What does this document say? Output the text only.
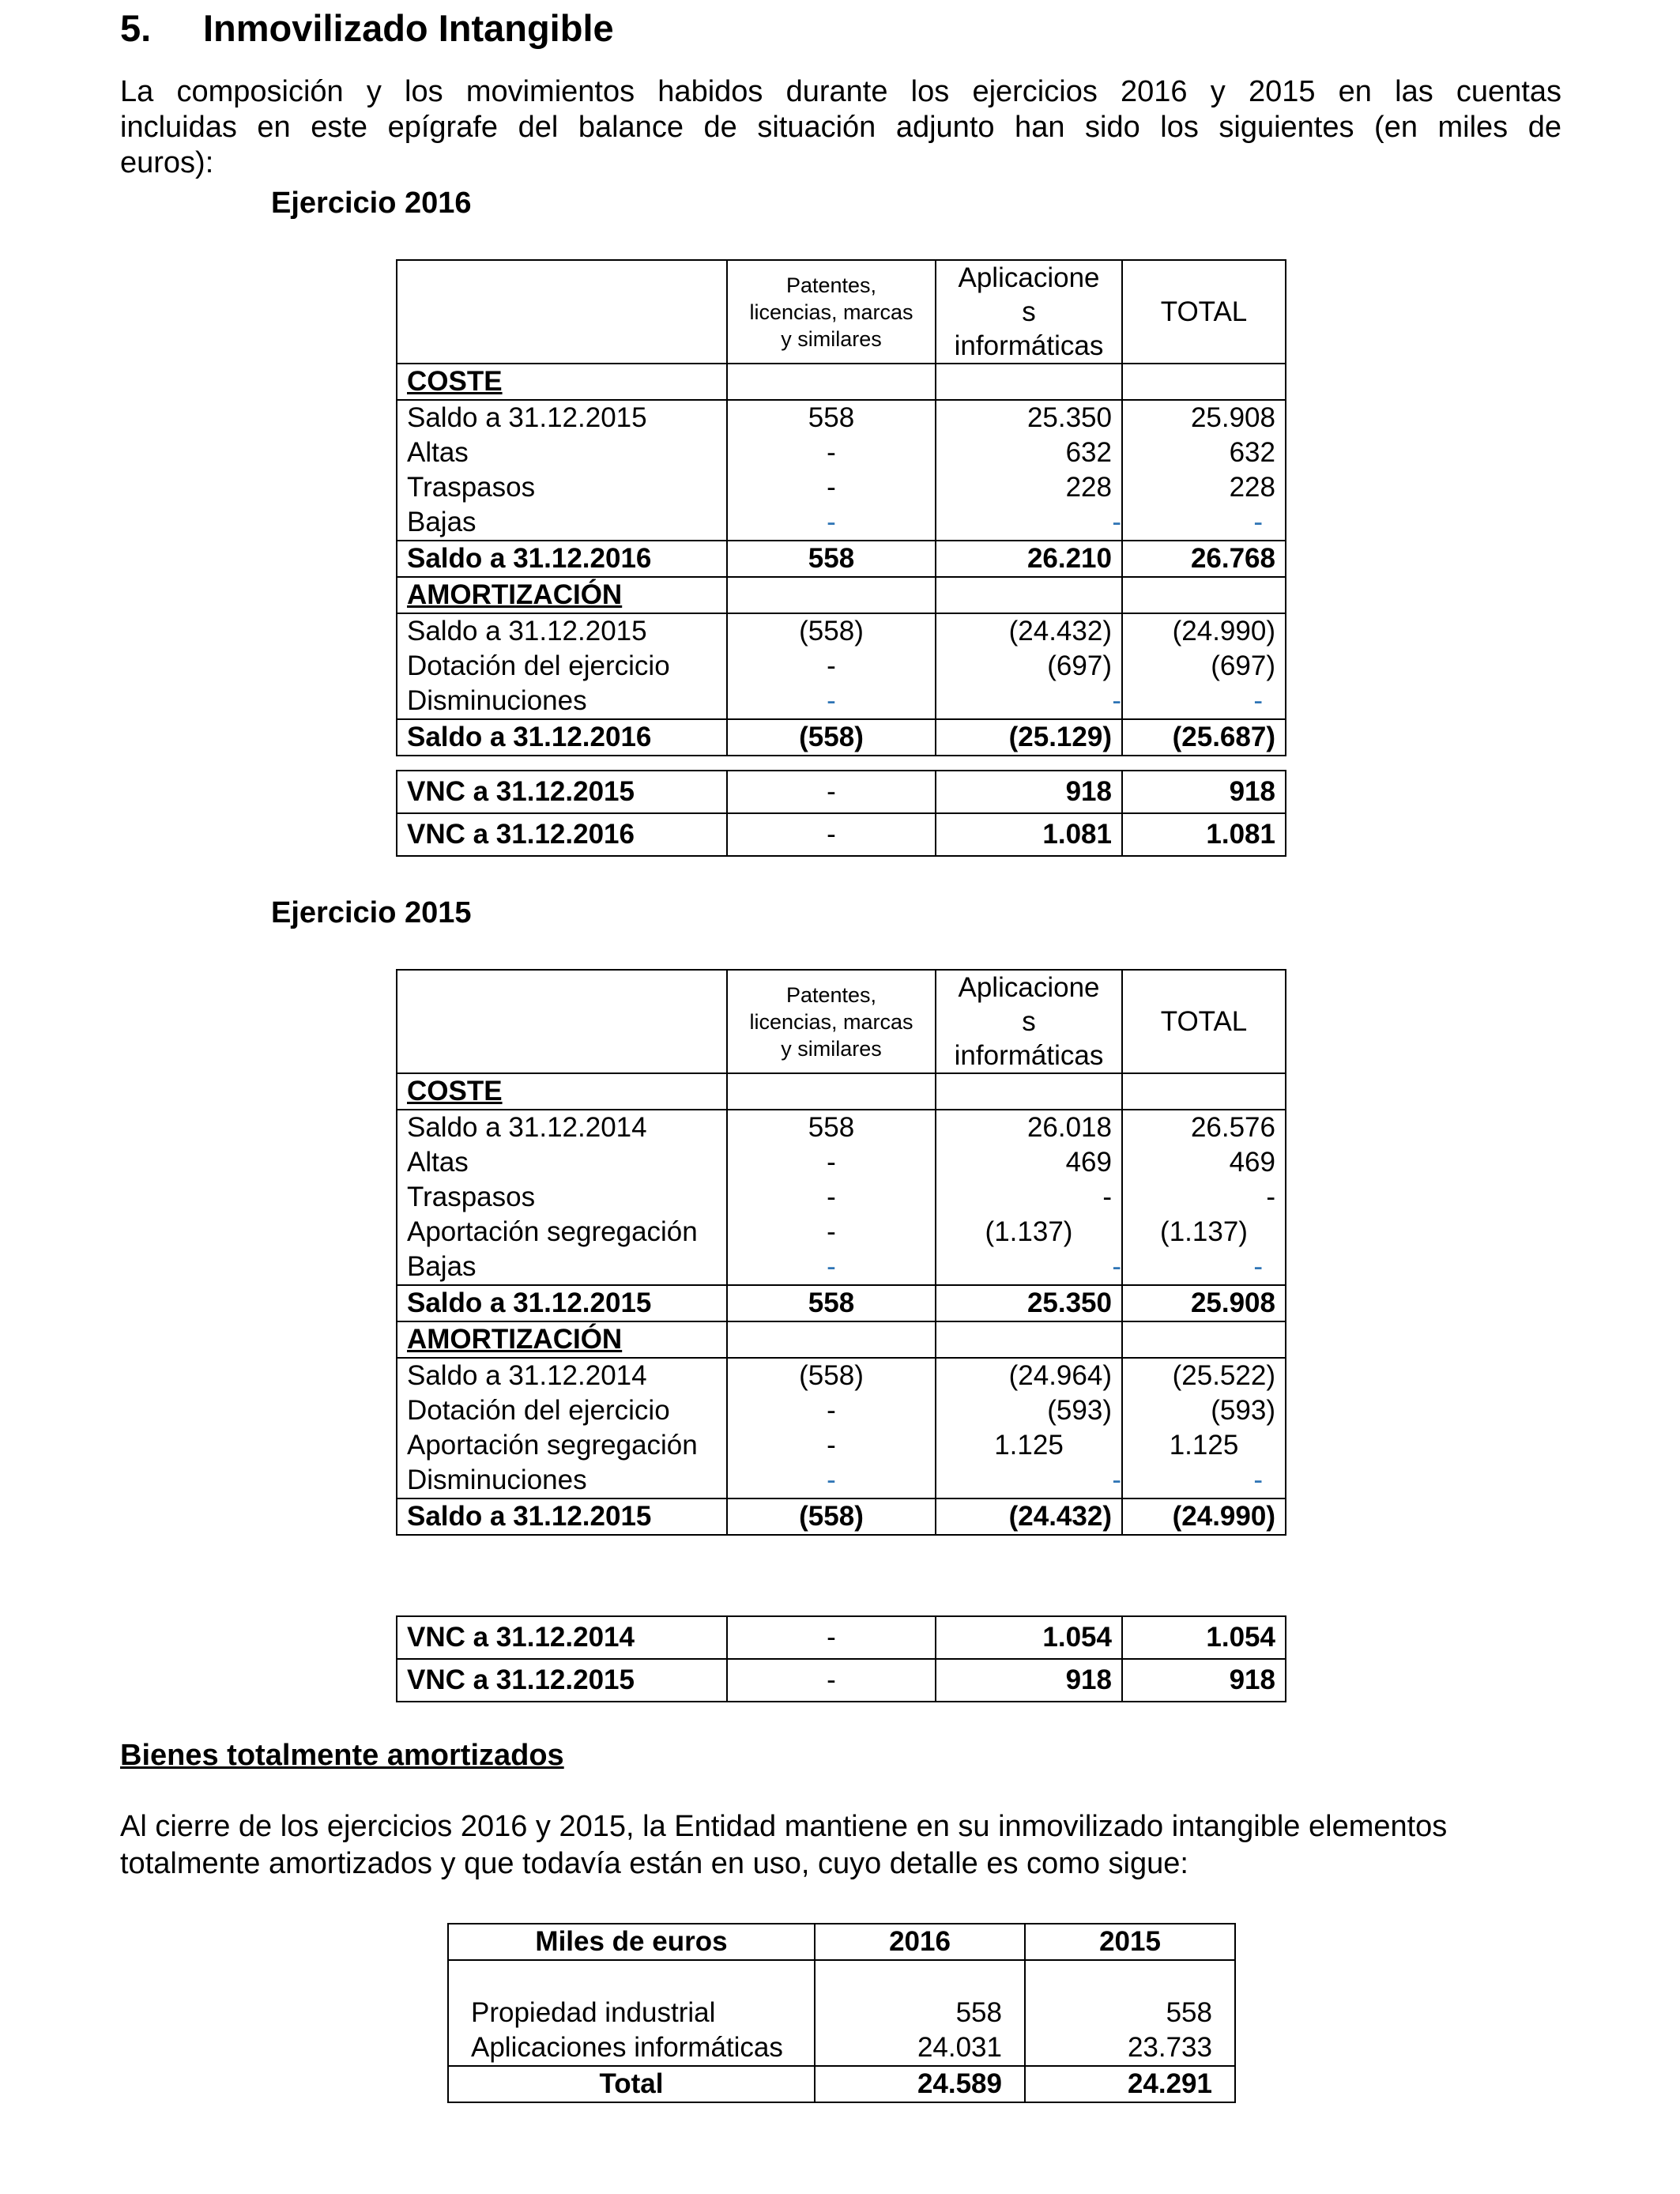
5. Inmovilizado Intangible

La composición y los movimientos habidos durante los ejercicios 2016 y 2015 en las cuentas
incluidas en este epígrafe del balance de situación adjunto han sido los siguientes (en miles de
euros):

Ejercicio 2016

	Patentes,
licencias, marcas
y similares	Aplicacione
s
informáticas	TOTAL
COSTE			
Saldo a 31.12.2015	558	25.350	25.908
Altas	-	632	632
Traspasos	-	228	228
Bajas	-	-	-
Saldo a 31.12.2016	558	26.210	26.768
AMORTIZACIÓN			
Saldo a 31.12.2015	(558)	(24.432)	(24.990)
Dotación del ejercicio	-	(697)	(697)
Disminuciones	-	-	-
Saldo a 31.12.2016	(558)	(25.129)	(25.687)
VNC a 31.12.2015	-	918	918
VNC a 31.12.2016	-	1.081	1.081

Ejercicio 2015

	Patentes,
licencias, marcas
y similares	Aplicacione
s
informáticas	TOTAL
COSTE			
Saldo a 31.12.2014	558	26.018	26.576
Altas	-	469	469
Traspasos	-	-	-
Aportación segregación	-	(1.137)	(1.137)
Bajas	-	-	-
Saldo a 31.12.2015	558	25.350	25.908
AMORTIZACIÓN			
Saldo a 31.12.2014	(558)	(24.964)	(25.522)
Dotación del ejercicio	-	(593)	(593)
Aportación segregación	-	1.125	1.125
Disminuciones	-	-	-
Saldo a 31.12.2015	(558)	(24.432)	(24.990)
VNC a 31.12.2014	-	1.054	1.054
VNC a 31.12.2015	-	918	918

Bienes totalmente amortizados

Al cierre de los ejercicios 2016 y 2015, la Entidad mantiene en su inmovilizado intangible elementos
totalmente amortizados y que todavía están en uso, cuyo detalle es como sigue:

Miles de euros	2016	2015

Propiedad industrial	558	558
Aplicaciones informáticas	24.031	23.733
Total	24.589	24.291
